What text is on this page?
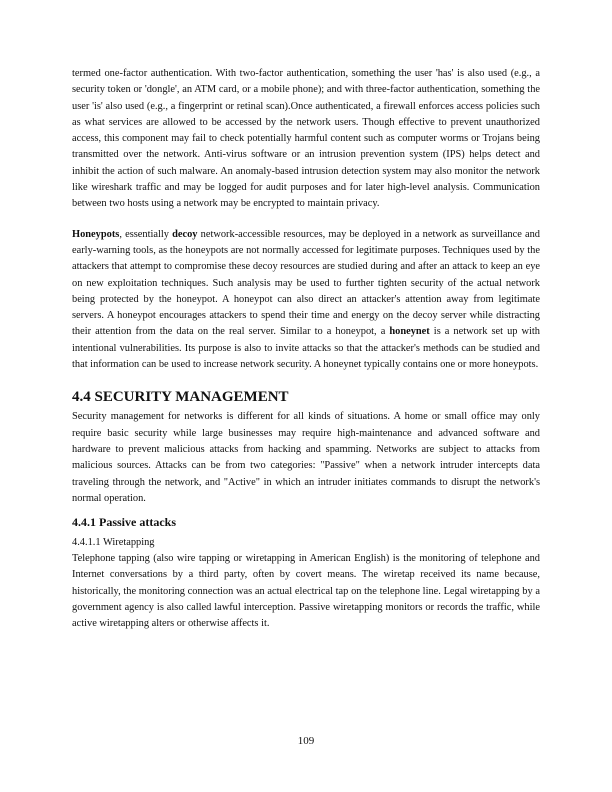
termed one-factor authentication. With two-factor authentication, something the user 'has' is also used (e.g., a security token or 'dongle', an ATM card, or a mobile phone); and with three-factor authentication, something the user 'is' also used (e.g., a fingerprint or retinal scan).Once authenticated, a firewall enforces access policies such as what services are allowed to be accessed by the network users. Though effective to prevent unauthorized access, this component may fail to check potentially harmful content such as computer worms or Trojans being transmitted over the network. Anti-virus software or an intrusion prevention system (IPS) helps detect and inhibit the action of such malware. An anomaly-based intrusion detection system may also monitor the network like wireshark traffic and may be logged for audit purposes and for later high-level analysis. Communication between two hosts using a network may be encrypted to maintain privacy.

Honeypots, essentially decoy network-accessible resources, may be deployed in a network as surveillance and early-warning tools, as the honeypots are not normally accessed for legitimate purposes. Techniques used by the attackers that attempt to compromise these decoy resources are studied during and after an attack to keep an eye on new exploitation techniques. Such analysis may be used to further tighten security of the actual network being protected by the honeypot. A honeypot can also direct an attacker's attention away from legitimate servers. A honeypot encourages attackers to spend their time and energy on the decoy server while distracting their attention from the data on the real server. Similar to a honeypot, a honeynet is a network set up with intentional vulnerabilities. Its purpose is also to invite attacks so that the attacker's methods can be studied and that information can be used to increase network security. A honeynet typically contains one or more honeypots.

4.4 SECURITY MANAGEMENT

Security management for networks is different for all kinds of situations. A home or small office may only require basic security while large businesses may require high-maintenance and advanced software and hardware to prevent malicious attacks from hacking and spamming. Networks are subject to attacks from malicious sources. Attacks can be from two categories: "Passive" when a network intruder intercepts data traveling through the network, and "Active" in which an intruder initiates commands to disrupt the network's normal operation.

4.4.1 Passive attacks
4.4.1.1 Wiretapping

Telephone tapping (also wire tapping or wiretapping in American English) is the monitoring of telephone and Internet conversations by a third party, often by covert means. The wiretap received its name because, historically, the monitoring connection was an actual electrical tap on the telephone line. Legal wiretapping by a government agency is also called lawful interception. Passive wiretapping monitors or records the traffic, while active wiretapping alters or otherwise affects it.

109
